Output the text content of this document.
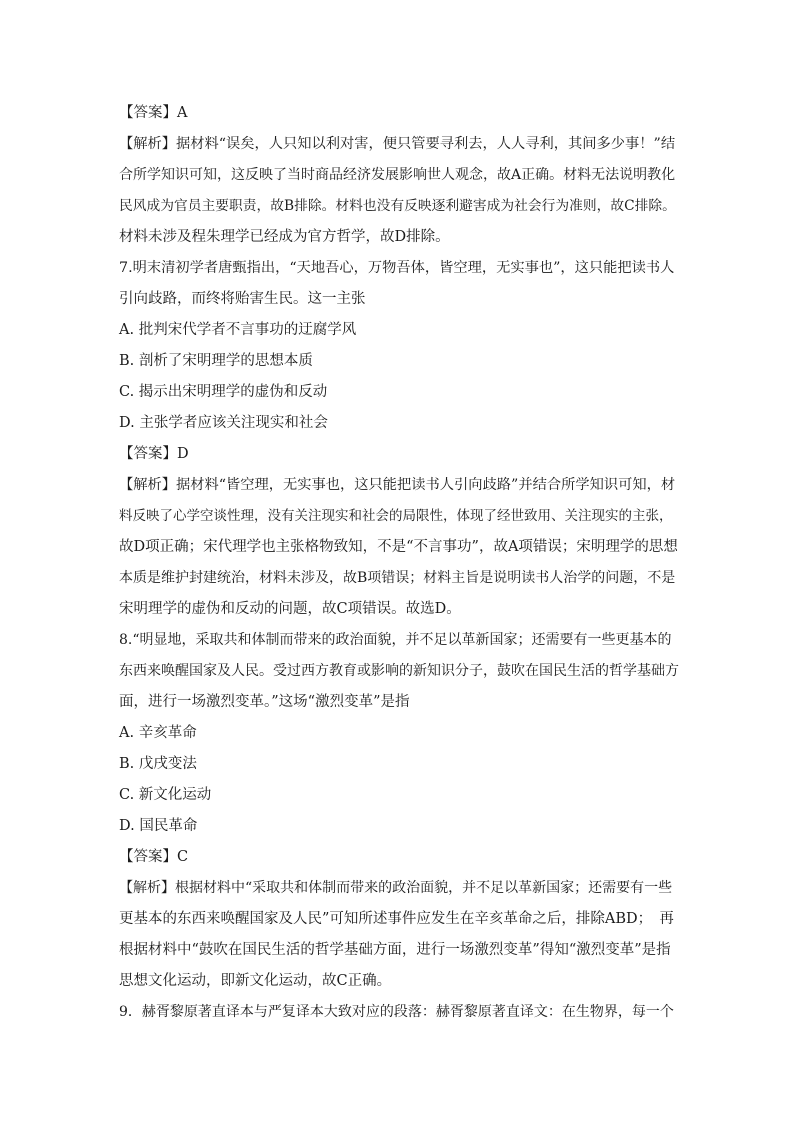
【答案】A
【解析】据材料“误矣，人只知以利对害，便只管要寻利去，人人寻利，其间多少事！”结
合所学知识可知，这反映了当时商品经济发展影响世人观念，故A正确。材料无法说明教化
民风成为官员主要职责，故B排除。材料也没有反映逐利避害成为社会行为准则，故C排除。
材料未涉及程朱理学已经成为官方哲学，故D排除。
7.明末清初学者唐甄指出，“天地吾心，万物吾体，皆空理，无实事也”，这只能把读书人
引向歧路，而终将贻害生民。这一主张
A. 批判宋代学者不言事功的迂腐学风
B. 剖析了宋明理学的思想本质
C. 揭示出宋明理学的虚伪和反动
D. 主张学者应该关注现实和社会
【答案】D
【解析】据材料“皆空理，无实事也，这只能把读书人引向歧路”并结合所学知识可知，材
料反映了心学空谈性理，没有关注现实和社会的局限性，体现了经世致用、关注现实的主张，
故D项正确；宋代理学也主张格物致知，不是“不言事功”，故A项错误；宋明理学的思想
本质是维护封建统治，材料未涉及，故B项错误；材料主旨是说明读书人治学的问题，不是
宋明理学的虚伪和反动的问题，故C项错误。故选D。
8.“明显地，采取共和体制而带来的政治面貌，并不足以革新国家；还需要有一些更基本的
东西来唤醒国家及人民。受过西方教育或影响的新知识分子，鼓吹在国民生活的哲学基础方
面，进行一场激烈变革。”这场“激烈变革”是指
A. 辛亥革命
B. 戊戌变法
C. 新文化运动
D. 国民革命
【答案】C
【解析】根据材料中“采取共和体制而带来的政治面貌，并不足以革新国家；还需要有一些
更基本的东西来唤醒国家及人民”可知所述事件应发生在辛亥革命之后，排除ABD；　再
根据材料中“鼓吹在国民生活的哲学基础方面，进行一场激烈变革”得知“激烈变革”是指
思想文化运动，即新文化运动，故C正确。
9．赫胥黎原著直译本与严复译本大致对应的段落：赫胥黎原著直译文：在生物界，每一个
